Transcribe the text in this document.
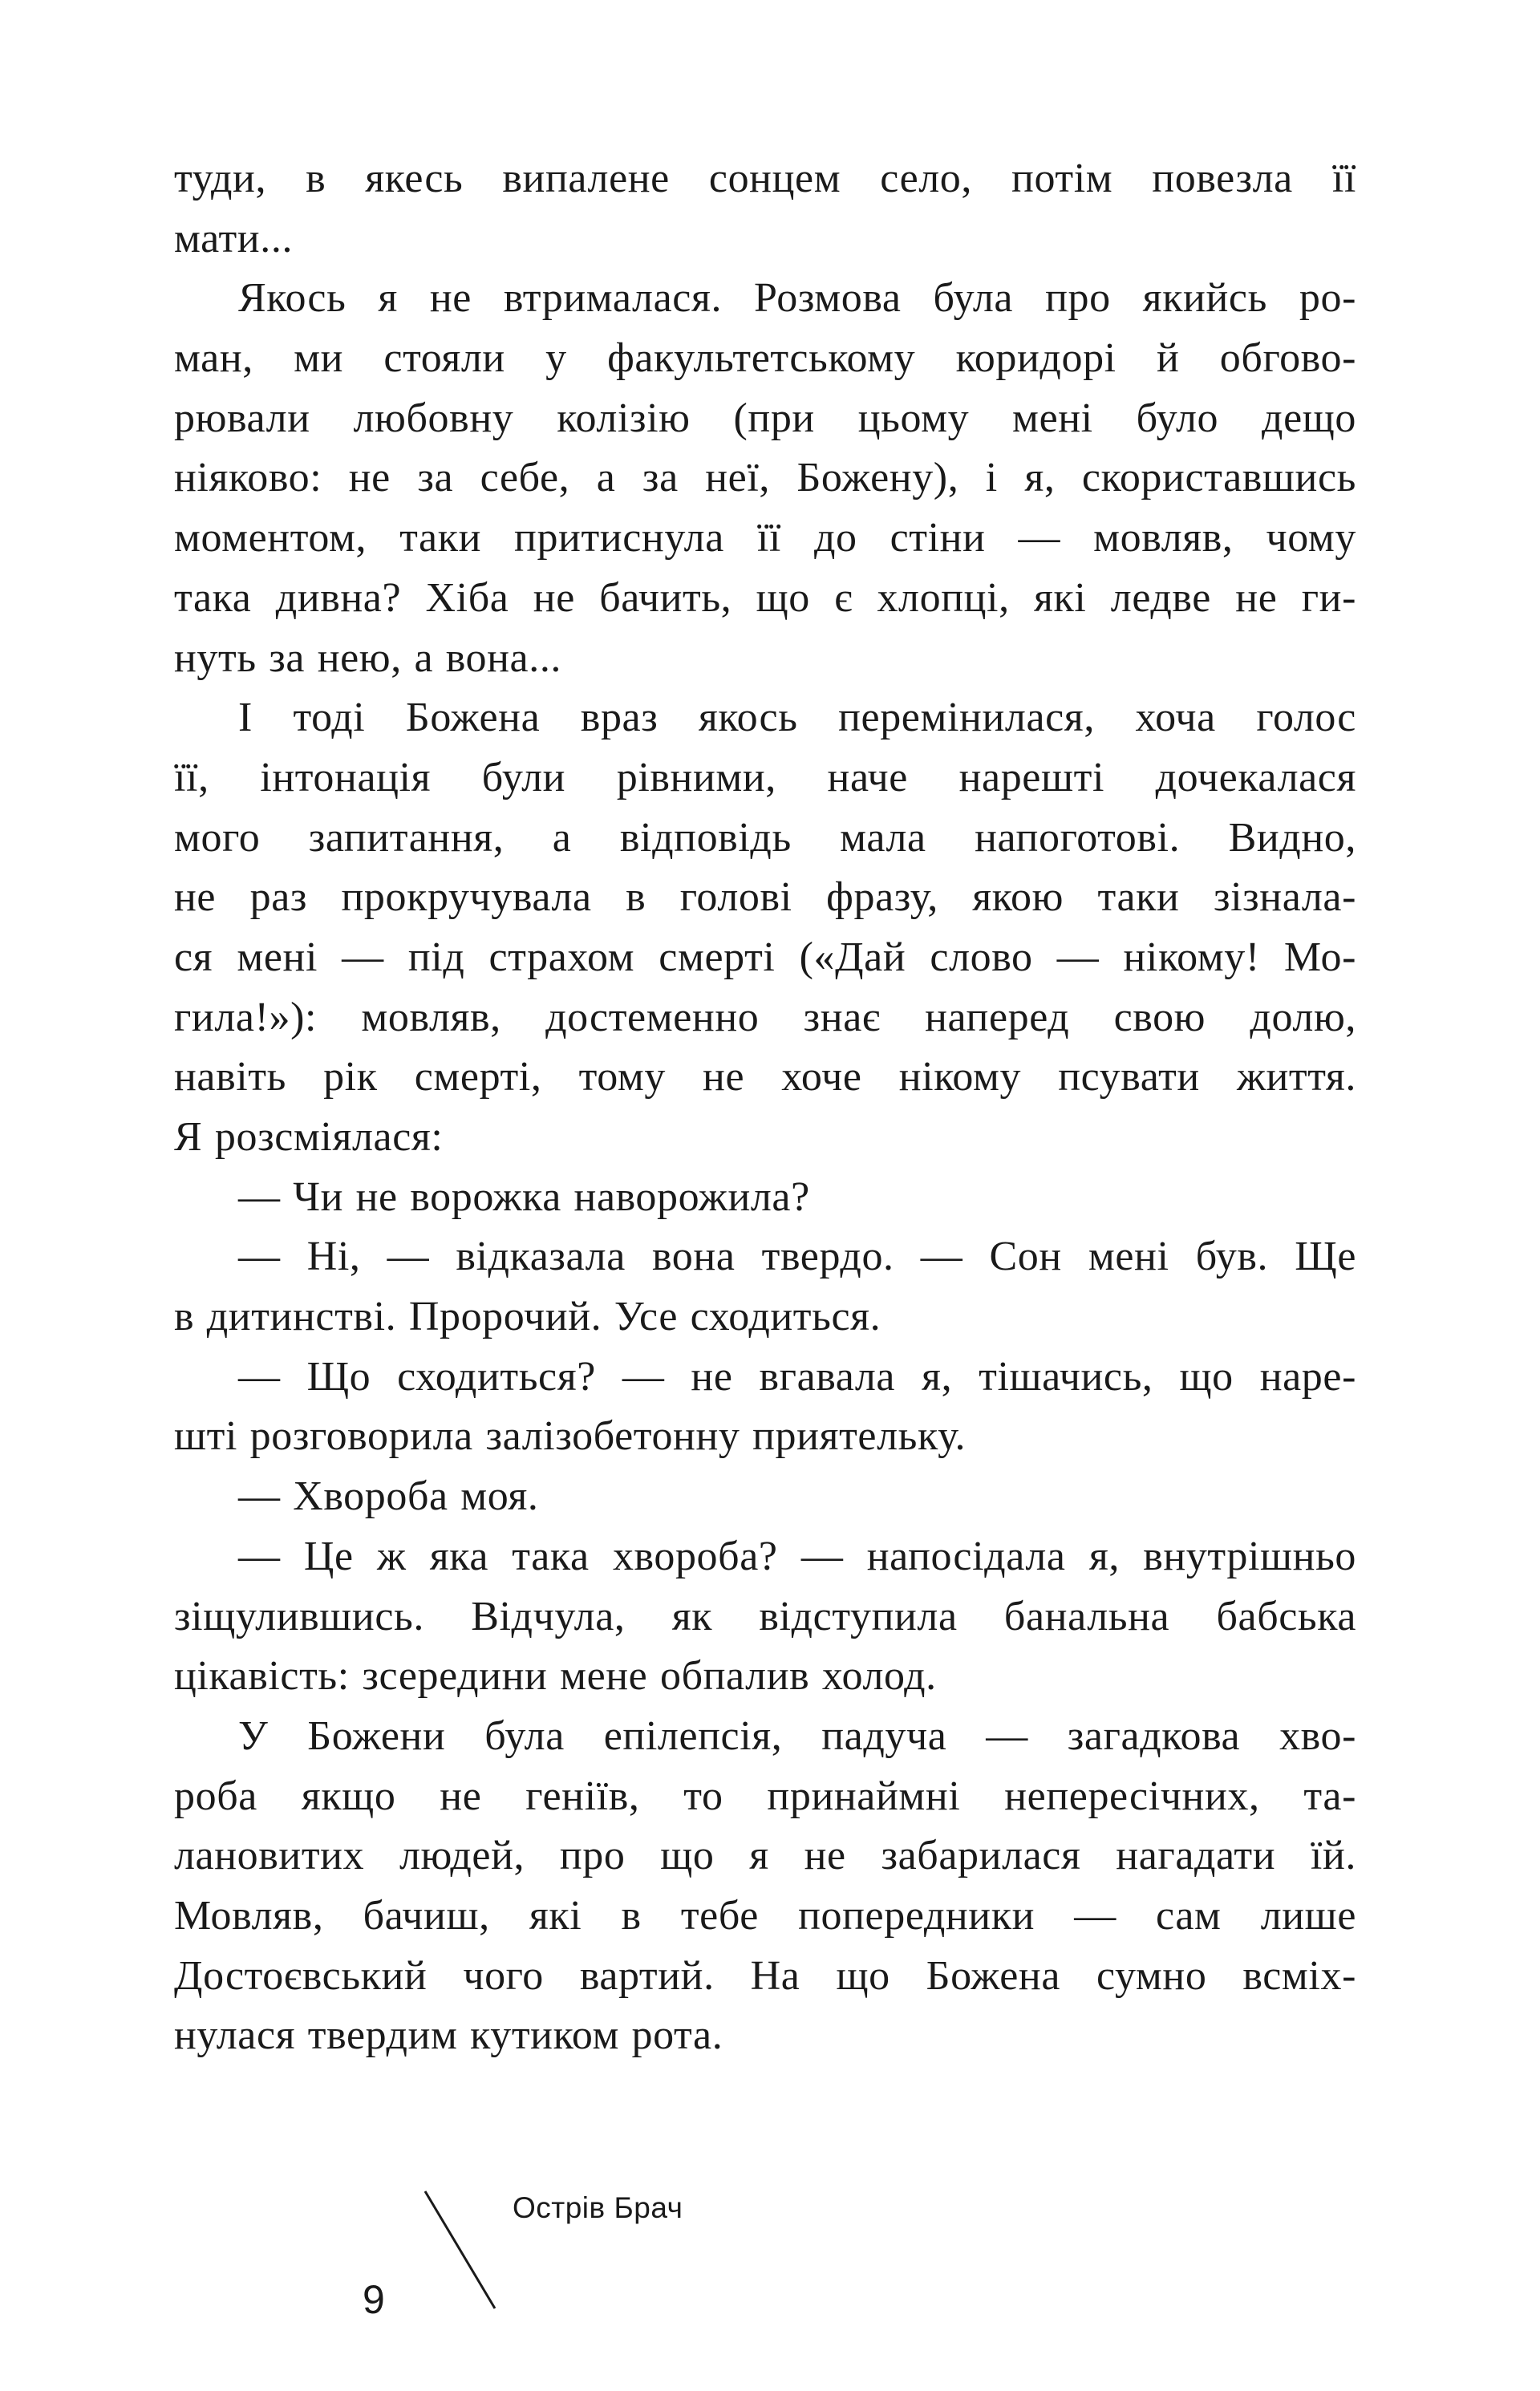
туди, в якесь випалене сонцем село, потім повезла її
мати...
Якось я не втрималася. Розмова була про якийсь ро-
ман, ми стояли у факультетському коридорі й обгово-
рювали любовну колізію (при цьому мені було дещо
ніяково: не за себе, а за неї, Божену), і я, скориставшись
моментом, таки притиснула її до стіни — мовляв, чому
така дивна? Хіба не бачить, що є хлопці, які ледве не ги-
нуть за нею, а вона...
І тоді Божена враз якось перемінилася, хоча голос
її, інтонація були рівними, наче нарешті дочекалася
мого запитання, а відповідь мала напоготові. Видно,
не раз прокручувала в голові фразу, якою таки зізнала-
ся мені — під страхом смерті («Дай слово — нікому! Мо-
гила!»): мовляв, достеменно знає наперед свою долю,
навіть рік смерті, тому не хоче нікому псувати життя.
Я розсміялася:
— Чи не ворожка наворожила?
— Ні, — відказала вона твердо. — Сон мені був. Ще
в дитинстві. Пророчий. Усе сходиться.
— Що сходиться? — не вгавала я, тішачись, що наре-
шті розговорила залізобетонну приятельку.
— Хвороба моя.
— Це ж яка така хвороба? — напосідала я, внутрішньо
зіщулившись. Відчула, як відступила банальна бабська
цікавість: зсередини мене обпалив холод.
У Божени була епілепсія, падуча — загадкова хво-
роба якщо не геніїв, то принаймні непересічних, та-
лановитих людей, про що я не забарилася нагадати їй.
Мовляв, бачиш, які в тебе попередники — сам лише
Достоєвський чого вартий. На що Божена сумно всміх-
нулася твердим кутиком рота.
9
Острів Брач
